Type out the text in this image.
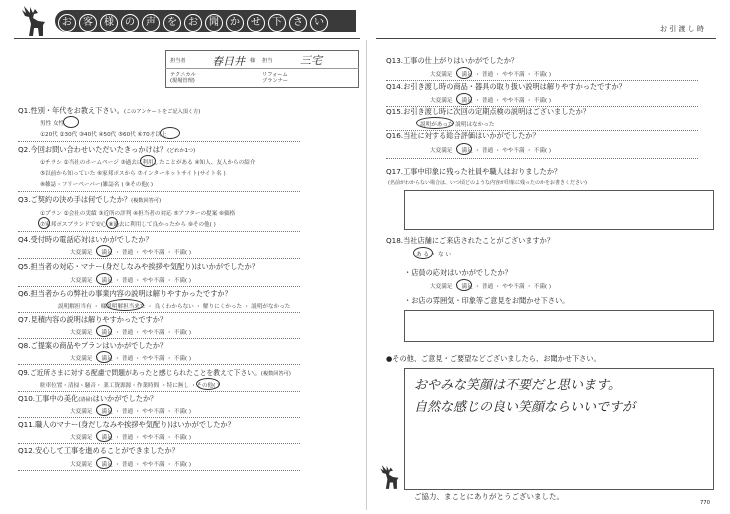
お 客 様 の 声 を お 聞 か せ 下 さ い
お 引 渡 し 時
担当者 春日井 様 担当	三宅
テクニカル
(現場管理)
リフォーム
プランナー
Q1.性別・年代をお教え下さい。(このアンケートをご記入頂く方)
男性 女性
①20代 ②30代 ③40代 ④50代 ⑤60代 ⑥70才以上
Q2.今回お問い合わせいただいたきっかけは？(どれか1つ)
①チラシ ②当社のホームページ ③過去に利用したことがある ④知人、友人からの紹介
⑤以前から知っていた ⑥家邦ポスから ⑦インターネットサイト(サイト名 )
⑧雑誌・フリーペーパー(雑誌名 ) ⑨その他( )
Q3.ご契約の決め手は何でしたか？(複数回答可)
①プラン ②会社の実績 ③近所の評判 ④担当者の対応 ⑤アフターの提案 ⑥価格
⑦家邦ポスブランドで安心 ⑧過去に利用して良かったから ⑨その他( )
Q4.受付時の電話応対はいかがでしたか？
大変満足 ・ 満足 ・ 普通 ・ やや不満 ・ 不満( )
Q5.担当者の対応・マナー(身だしなみや挨拶や気配り)はいかがでしたか？
大変満足 ・ 満足 ・ 普通 ・ やや不満 ・ 不満( )
Q6.担当者からの弊社の事業内容の説明は解りやすかったですか？
説明解担当有 ・ 様説明解担当来た ・ 良くわからない ・ 解りにくかった ・ 説明がなかった
Q7.見積内容の説明は解りやすかったですか？
大変満足 ・ 満足 ・ 普通 ・ やや不満 ・ 不満( )
Q8.ご提案の商品やプランはいかがでしたか？
大変満足 ・ 満足 ・ 普通 ・ やや不満 ・ 不満( )
Q9.ご近所さまに対する配慮で問題があったと感じられたことを教えて下さい。(複数回答可)
駐車位置・清掃・騒音・ 業工資源源・作業時間 ・特に無し ・その他( )
Q10.工事中の美化(清掃)はいかがでしたか？
大変満足 ・ 満足 ・ 普通 ・ やや不満 ・ 不満( )
Q11.職人のマナー(身だしなみや挨拶や気配り)はいかがでしたか？
大変満足 ・ 満足 ・ 普通 ・ やや不満 ・ 不満( )
Q12.安心して工事を進めることができましたか？
大変満足 ・ 満足 ・ 普通 ・ やや不満 ・ 不満( )
Q13.工事の仕上がりはいかがでしたか？
大変満足 ・ 満足 ・ 普通 ・ やや不満 ・ 不満( )
Q14.お引き渡し時の商品・器具の取り扱い説明は解りやすかったですか？
大変満足 ・ 満足 ・ 普通 ・ やや不満 ・ 不満( )
Q15.お引き渡し時に次回の定期点検の説明はございましたか？
説明があった 説明はなかった
Q16.当社に対する総合評価はいかがでしたか？
大変満足 ・ 満足 ・ 普通 ・ やや不満 ・ 不満( )
Q17.工事中印象に残った社員や職人はおりましたか？
(名前がわからない場合は、いつ頃どのような内容が印象に残ったのかをお書きください)
Q18.当社店舗にご来店されたことがございますか？
あ る ・ な い
・店員の応対はいかがでしたか？
大変満足 ・ 満足 ・ 普通 ・ やや不満 ・ 不満( )
・お店の雰囲気・印象等ご意見をお聞かせ下さい。
●その他、ご意見・ご要望などございましたら、お聞かせ下さい。
おやみな笑顔は不要だと思います。
自然な感じの良い笑顔ならいいですが
ご協力、まことにありがとうございました。
770
